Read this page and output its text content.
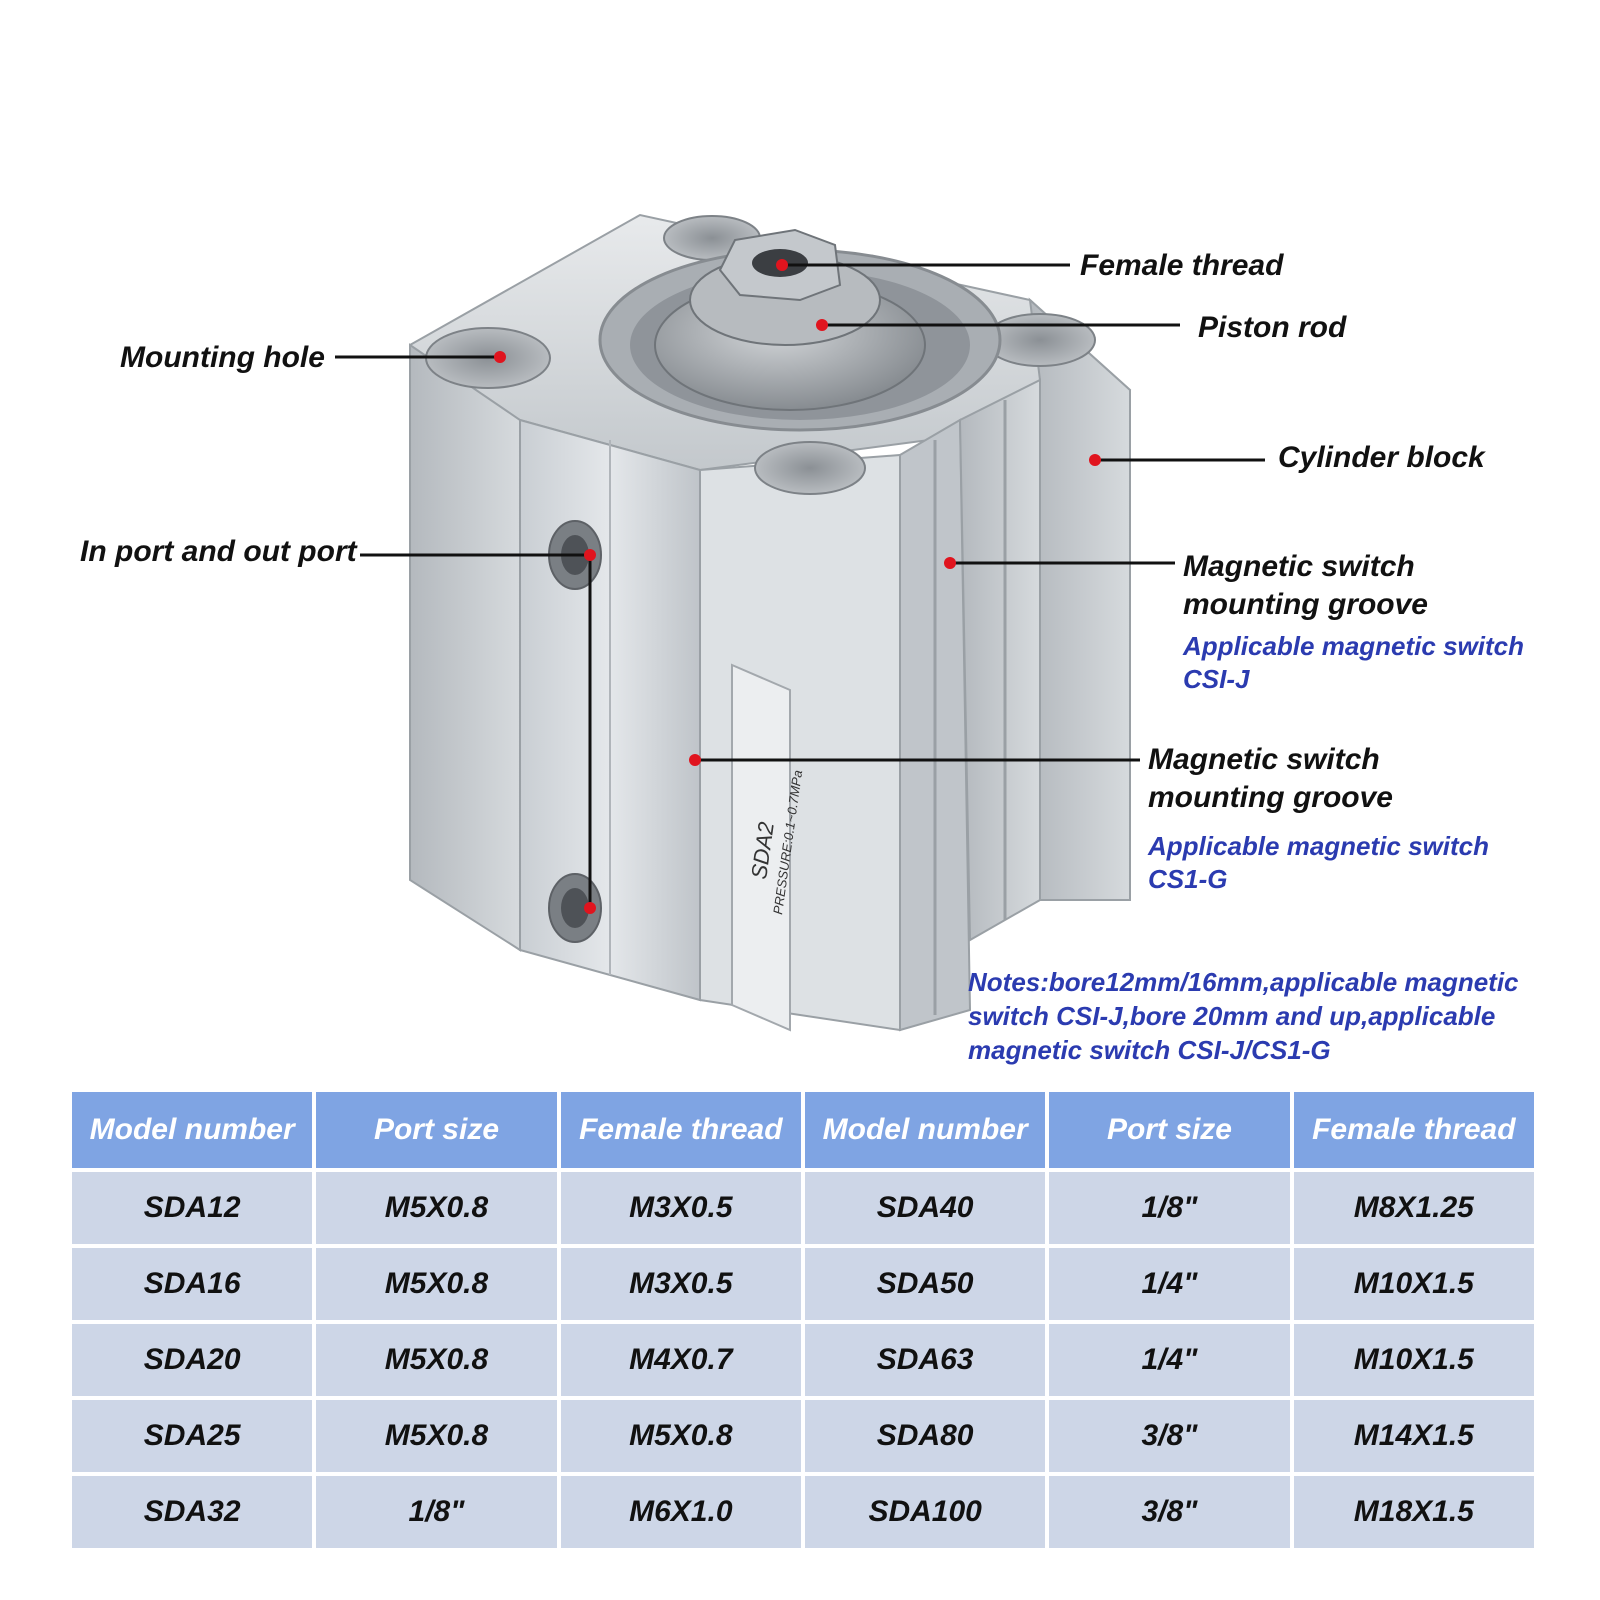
SDA2
PRESSURE:0.1~0.7MPa
Female thread
Piston rod
Mounting hole
Cylinder block
In port and out port	Magnetic switch
mounting groove
Applicable magnetic switch
CSI-J
Magnetic switch
mounting groove
Applicable magnetic switch
CS1-G
Notes:bore12mm/16mm,applicable magnetic
switch CSI-J,bore 20mm and up,applicable
magnetic switch CSI-J/CS1-G
Model number	Port size	Female thread	Model number	Port size	Female thread
SDA12	M5X0.8	M3X0.5	SDA40	1/8"	M8X1.25
SDA16	M5X0.8	M3X0.5	SDA50	1/4"	M10X1.5
SDA20	M5X0.8	M4X0.7	SDA63	1/4"	M10X1.5
SDA25	M5X0.8	M5X0.8	SDA80	3/8"	M14X1.5
SDA32	1/8"	M6X1.0	SDA100	3/8"	M18X1.5
